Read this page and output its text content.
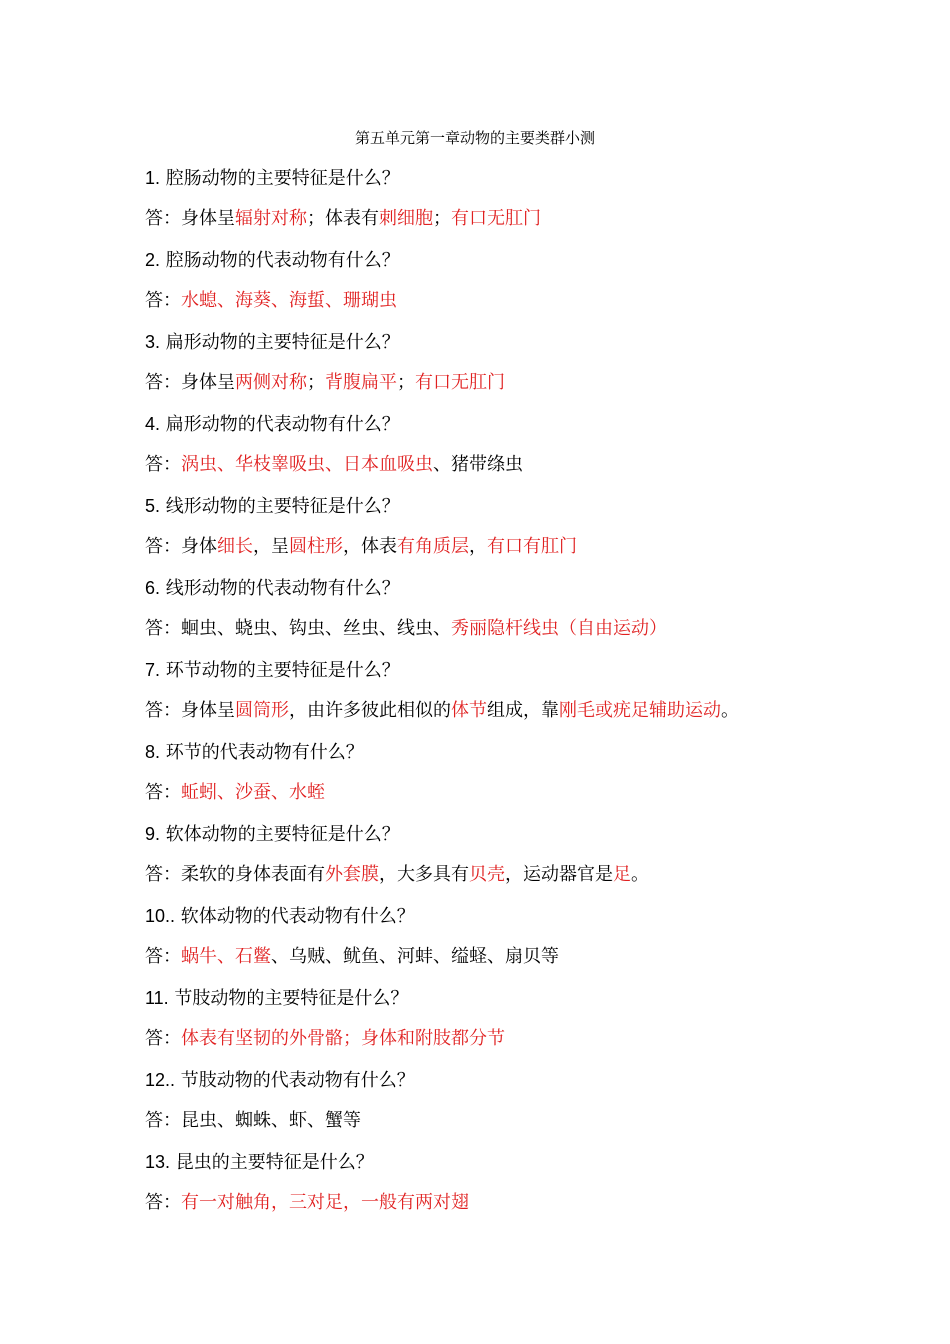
第五单元第一章动物的主要类群小测
1. 腔肠动物的主要特征是什么？
答：身体呈辐射对称；体表有刺细胞；有口无肛门
2. 腔肠动物的代表动物有什么？
答：水螅、海葵、海蜇、珊瑚虫
3. 扁形动物的主要特征是什么？
答：身体呈两侧对称；背腹扁平；有口无肛门
4. 扁形动物的代表动物有什么？
答：涡虫、华枝睾吸虫、日本血吸虫、猪带绦虫
5. 线形动物的主要特征是什么？
答：身体细长，呈圆柱形，体表有角质层，有口有肛门
6. 线形动物的代表动物有什么？
答：蛔虫、蛲虫、钩虫、丝虫、线虫、秀丽隐杆线虫（自由运动）
7. 环节动物的主要特征是什么？
答：身体呈圆筒形，由许多彼此相似的体节组成，靠刚毛或疣足辅助运动。
8. 环节的代表动物有什么？
答：蚯蚓、沙蚕、水蛭
9. 软体动物的主要特征是什么？
答：柔软的身体表面有外套膜，大多具有贝壳，运动器官是足。
10.. 软体动物的代表动物有什么？
答：蜗牛、石鳖、乌贼、鱿鱼、河蚌、缢蛏、扇贝等
11. 节肢动物的主要特征是什么？
答：体表有坚韧的外骨骼；身体和附肢都分节
12.. 节肢动物的代表动物有什么？
答：昆虫、蜘蛛、虾、蟹等
13. 昆虫的主要特征是什么？
答：有一对触角，三对足，一般有两对翅
